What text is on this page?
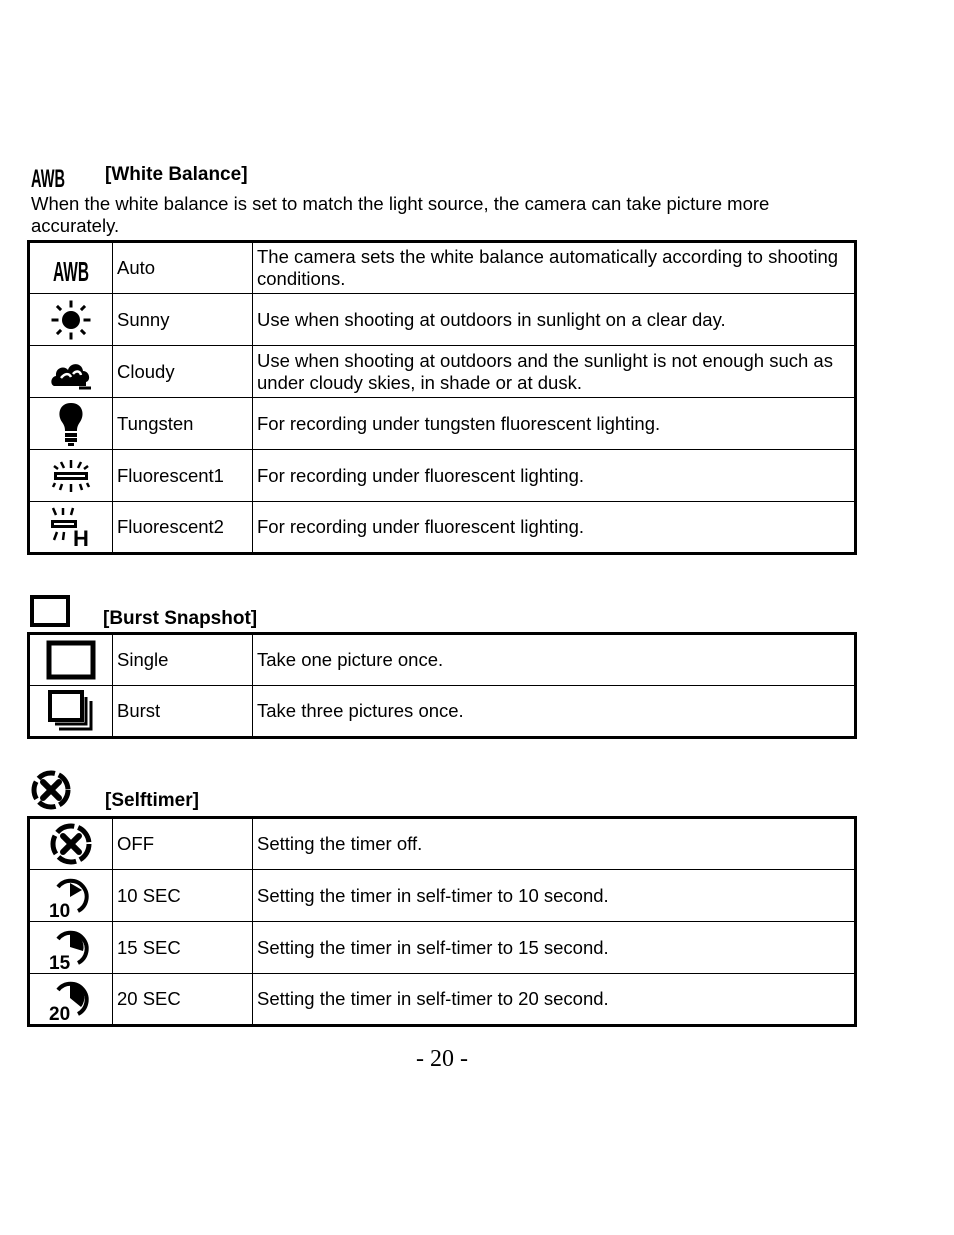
AWB [White Balance]
When the white balance is set to match the light source, the camera can take picture more accurately.
AWB	Auto	The camera sets the white balance automatically according to shooting conditions.

	Sunny	Use when shooting at outdoors in sunlight on a clear day.

	Cloudy	Use when shooting at outdoors and the sunlight is not enough such as under cloudy skies, in shade or at dusk.

	Tungsten	For recording under tungsten fluorescent lighting.

	Fluorescent1	For recording under fluorescent lighting.

H	Fluorescent2	For recording under fluorescent lighting.
[Burst Snapshot]
	Single	Take one picture once.

	Burst	Take three pictures once.
[Selftimer]
	OFF	Setting the timer off.

10	10 SEC	Setting the timer in self-timer to 10 second.

15	15 SEC	Setting the timer in self-timer to 15 second.

20	20 SEC	Setting the timer in self-timer to 20 second.
- 20 -
